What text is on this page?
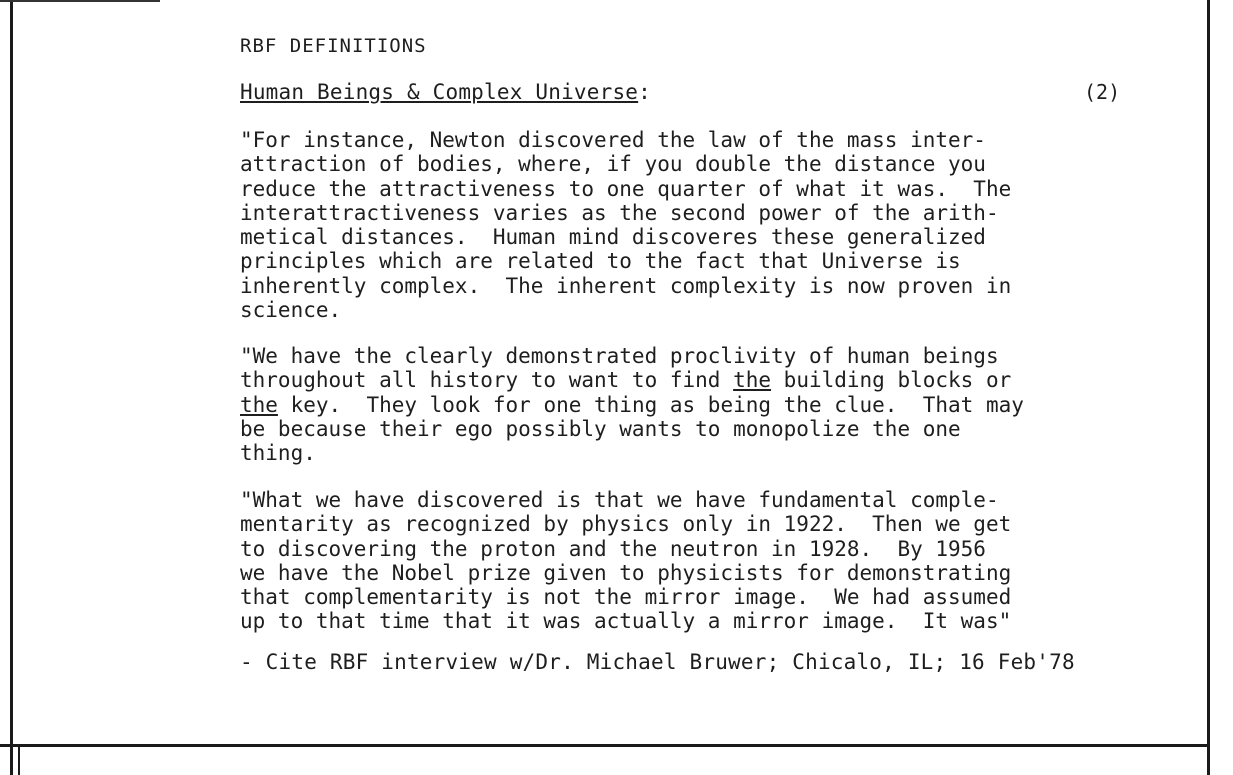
RBF DEFINITIONS
Human Beings & Complex Universe:	(2)
"For instance, Newton discovered the law of the mass inter-
attraction of bodies, where, if you double the distance you
reduce the attractiveness to one quarter of what it was.  The
interattractiveness varies as the second power of the arith-
metical distances.  Human mind discoveres these generalized
principles which are related to the fact that Universe is
inherently complex.  The inherent complexity is now proven in
science.
"We have the clearly demonstrated proclivity of human beings
throughout all history to want to find the building blocks or
the key.  They look for one thing as being the clue.  That may
be because their ego possibly wants to monopolize the one
thing.
"What we have discovered is that we have fundamental comple-
mentarity as recognized by physics only in 1922.  Then we get
to discovering the proton and the neutron in 1928.  By 1956
we have the Nobel prize given to physicists for demonstrating
that complementarity is not the mirror image.  We had assumed
up to that time that it was actually a mirror image.  It was"
- Cite RBF interview w/Dr. Michael Bruwer; Chicalo, IL; 16 Feb'78
